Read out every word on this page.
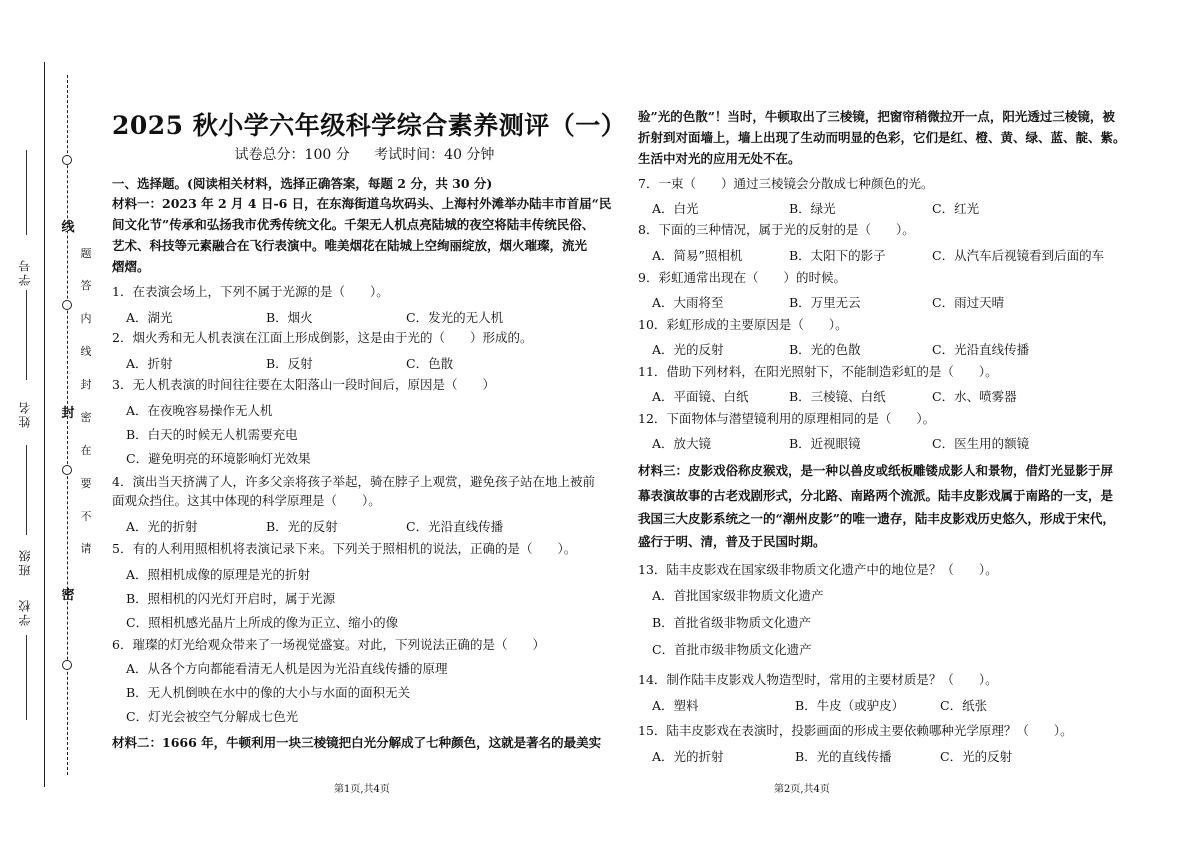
线
封
密
请
不
要
在
密
封
线
内
答
题
学号
姓名
班级
学校
2025 秋小学六年级科学综合素养测评（一）
试卷总分：100 分 考试时间：40 分钟
一、选择题。(阅读相关材料，选择正确答案，每题 2 分，共 30 分)
材料一：2023 年 2 月 4 日-6 日，在东海街道乌坎码头、上海村外滩举办陆丰市首届“民
间文化节”传承和弘扬我市优秀传统文化。千架无人机点亮陆城的夜空将陆丰传统民俗、
艺术、科技等元素融合在飞行表演中。唯美烟花在陆城上空绚丽绽放，烟火璀璨，流光
熠熠。
1．在表演会场上，下列不属于光源的是（　　）。
A．湖光	B．烟火	C．发光的无人机
2．烟火秀和无人机表演在江面上形成倒影，这是由于光的（　　）形成的。
A．折射	B．反射	C．色散
3．无人机表演的时间往往要在太阳落山一段时间后，原因是（　　）
A．在夜晚容易操作无人机
B．白天的时候无人机需要充电
C．避免明亮的环境影响灯光效果
4．演出当天挤满了人，许多父亲将孩子举起，骑在脖子上观赏，避免孩子站在地上被前
面观众挡住。这其中体现的科学原理是（　　）。
A．光的折射	B．光的反射	C．光沿直线传播
5．有的人利用照相机将表演记录下来。下列关于照相机的说法，正确的是（　　）。
A．照相机成像的原理是光的折射
B．照相机的闪光灯开启时，属于光源
C．照相机感光晶片上所成的像为正立、缩小的像
6．璀璨的灯光给观众带来了一场视觉盛宴。对此，下列说法正确的是（　　）
A．从各个方向都能看清无人机是因为光沿直线传播的原理
B．无人机倒映在水中的像的大小与水面的面积无关
C．灯光会被空气分解成七色光
材料二：1666 年，牛顿利用一块三棱镜把白光分解成了七种颜色，这就是著名的最美实
第1页,共4页
验”光的色散”！当时，牛顿取出了三棱镜，把窗帘稍微拉开一点，阳光透过三棱镜，被
折射到对面墙上，墙上出现了生动而明显的色彩，它们是红、橙、黄、绿、蓝、靛、紫。
生活中对光的应用无处不在。
7．一束（　　）通过三棱镜会分散成七种颜色的光。
A．白光	B．绿光	C．红光
8．下面的三种情况，属于光的反射的是（　　）。
A．简易”照相机	B．太阳下的影子	C．从汽车后视镜看到后面的车
9．彩虹通常出现在（　　）的时候。
A．大雨将至	B．万里无云	C．雨过天晴
10．彩虹形成的主要原因是（　　）。
A．光的反射	B．光的色散	C．光沿直线传播
11．借助下列材料，在阳光照射下，不能制造彩虹的是（　　）。
A．平面镜、白纸	B．三棱镜、白纸	C．水、喷雾器
12．下面物体与潜望镜利用的原理相同的是（　　）。
A．放大镜	B．近视眼镜	C．医生用的额镜
材料三：皮影戏俗称皮猴戏，是一种以兽皮或纸板雕镂成影人和景物，借灯光显影于屏
幕表演故事的古老戏剧形式，分北路、南路两个流派。陆丰皮影戏属于南路的一支，是
我国三大皮影系统之一的“潮州皮影”的唯一遗存，陆丰皮影戏历史悠久，形成于宋代，
盛行于明、清，普及于民国时期。
13．陆丰皮影戏在国家级非物质文化遗产中的地位是？（　　）。
A．首批国家级非物质文化遗产
B．首批省级非物质文化遗产
C．首批市级非物质文化遗产
14．制作陆丰皮影戏人物造型时，常用的主要材质是？（　　）。
A．塑料	B．牛皮（或驴皮）	C．纸张
15．陆丰皮影戏在表演时，投影画面的形成主要依赖哪种光学原理？（　　）。
A．光的折射	B．光的直线传播	C．光的反射
第2页,共4页
